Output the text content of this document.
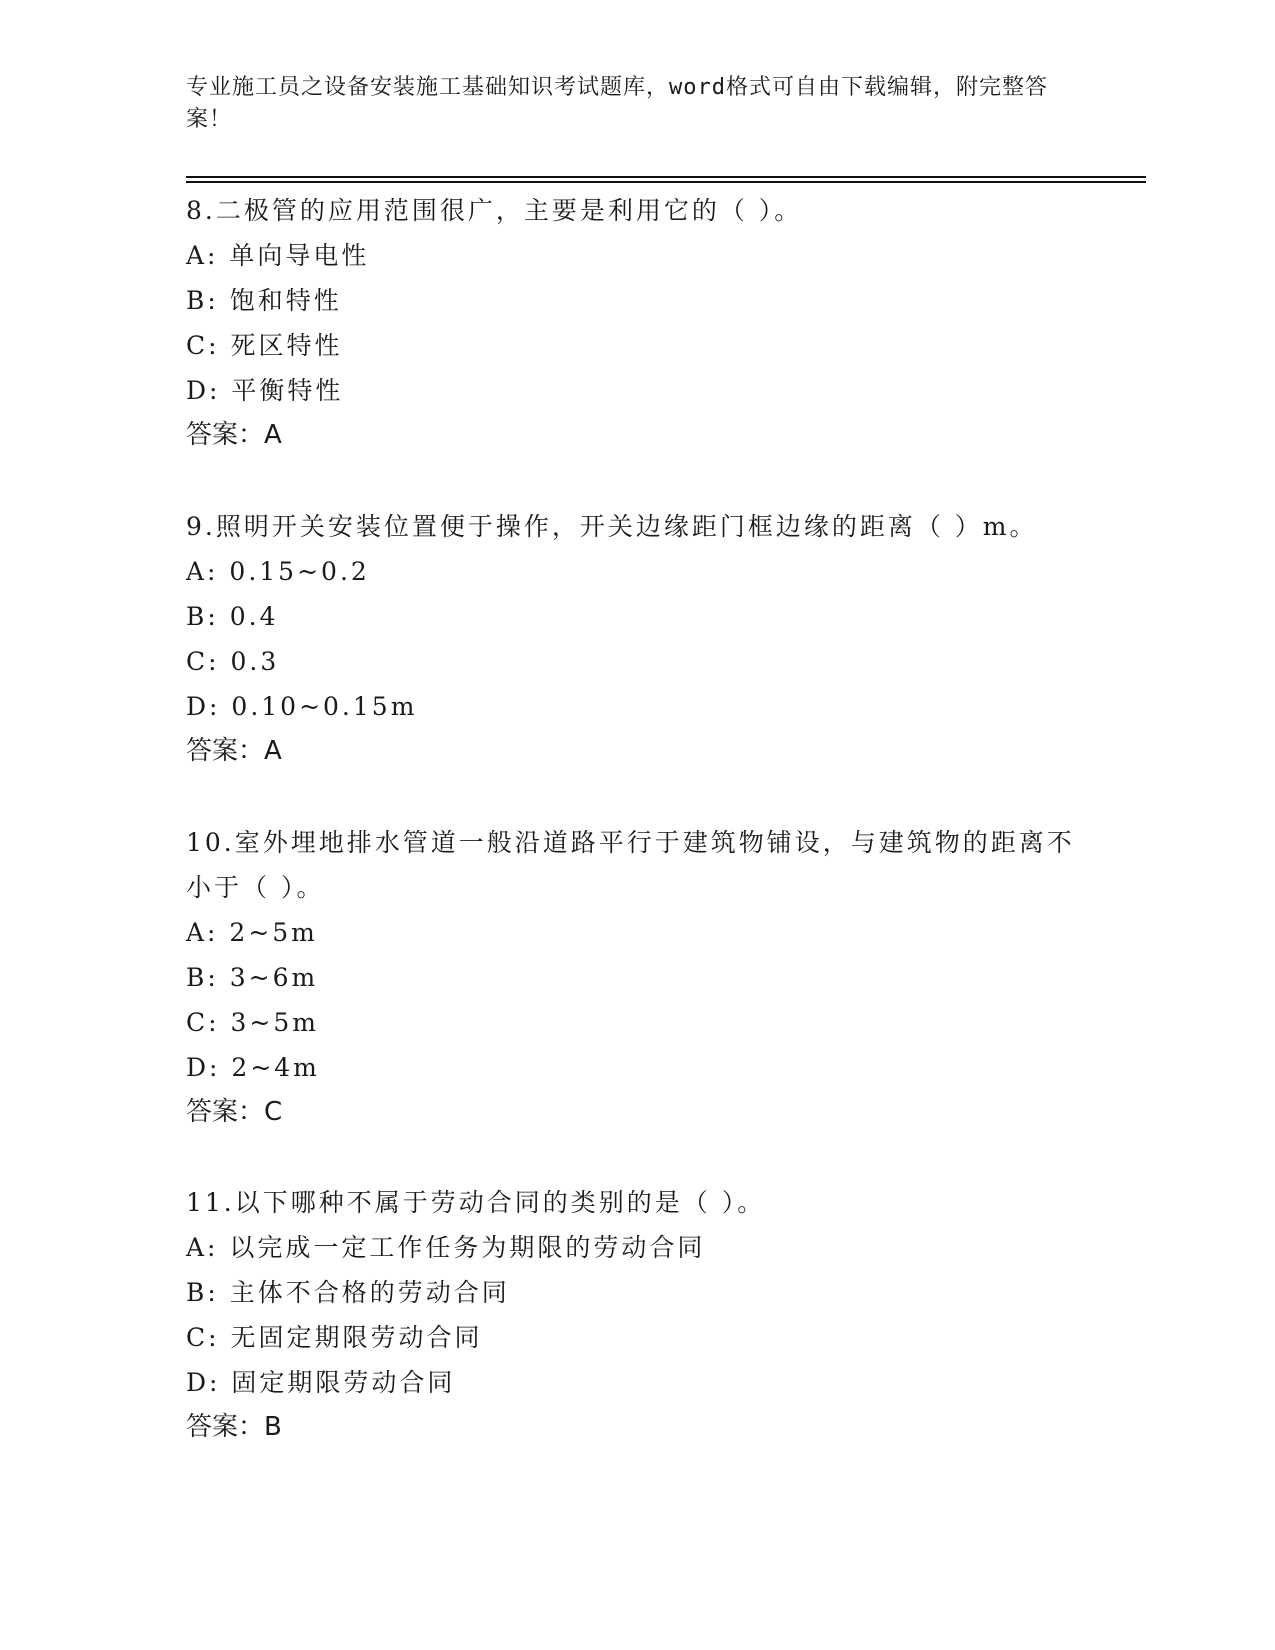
专业施工员之设备安装施工基础知识考试题库，word格式可自由下载编辑，附完整答案！

8.二极管的应用范围很广，主要是利用它的（ ）。

A: 单向导电性

B: 饱和特性

C: 死区特性

D: 平衡特性

答案：A

9.照明开关安装位置便于操作，开关边缘距门框边缘的距离（ ）m。

A: 0.15~0.2

B: 0.4

C: 0.3

D: 0.10~0.15m

答案：A

10.室外埋地排水管道一般沿道路平行于建筑物铺设，与建筑物的距离不小于（ ）。

A: 2~5m

B: 3~6m

C: 3~5m

D: 2~4m

答案：C

11.以下哪种不属于劳动合同的类别的是（ ）。

A: 以完成一定工作任务为期限的劳动合同

B: 主体不合格的劳动合同

C: 无固定期限劳动合同

D: 固定期限劳动合同

答案：B
